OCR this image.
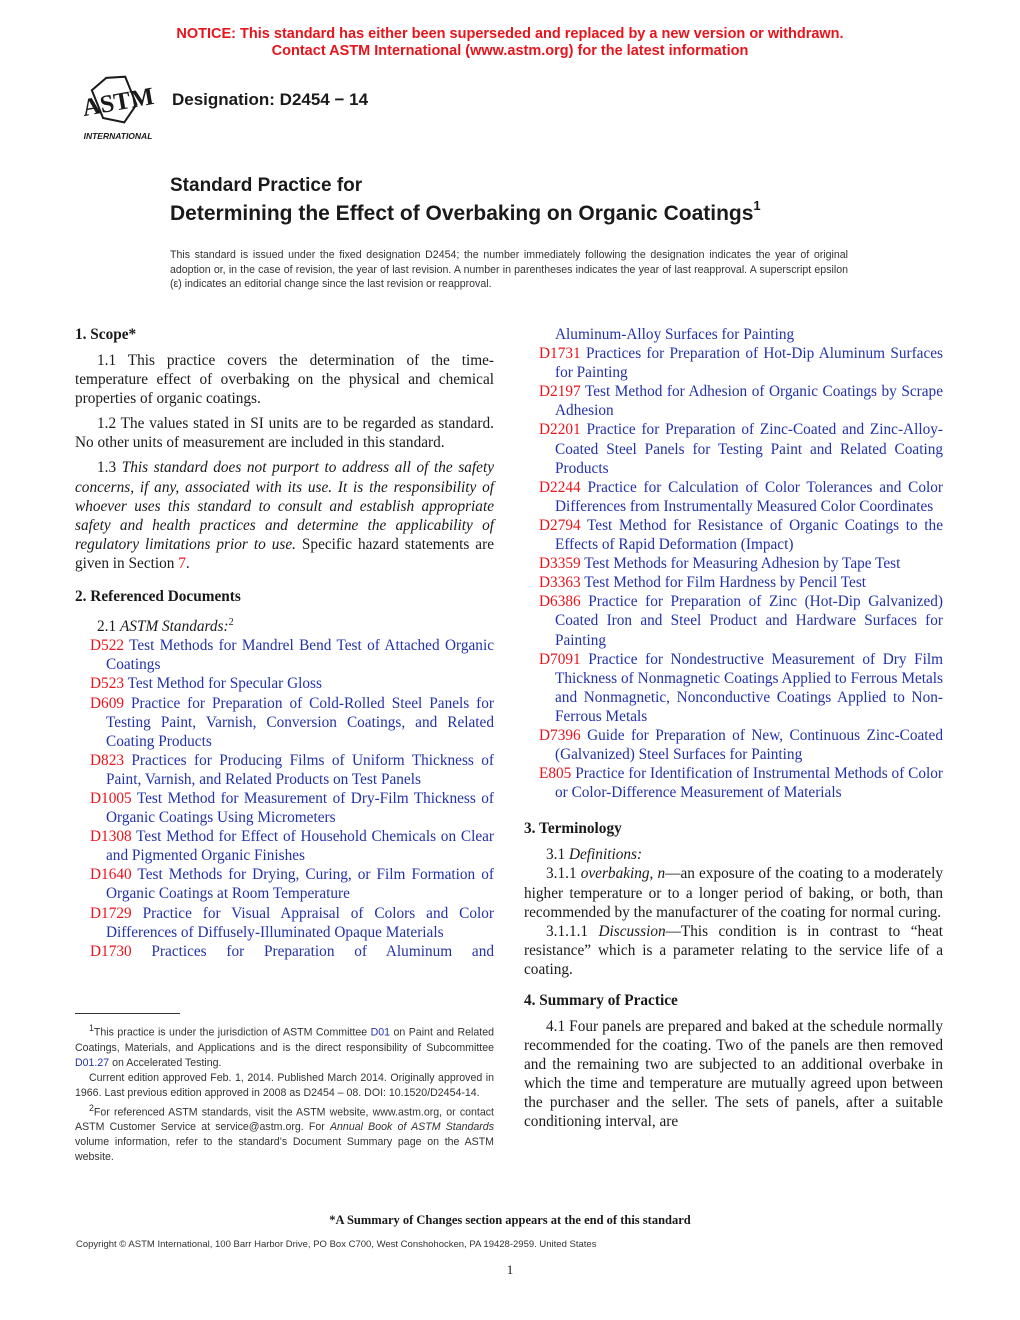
NOTICE: This standard has either been superseded and replaced by a new version or withdrawn.
Contact ASTM International (www.astm.org) for the latest information
ASTM
INTERNATIONAL
Designation: D2454 − 14
Standard Practice for
Determining the Effect of Overbaking on Organic Coatings$^1$
This standard is issued under the fixed designation D2454; the number immediately following the designation indicates the year of original adoption or, in the case of revision, the year of last revision. A number in parentheses indicates the year of last reapproval. A superscript epsilon (ε) indicates an editorial change since the last revision or reapproval.
1. Scope*

1.1 This practice covers the determination of the time-temperature effect of overbaking on the physical and chemical properties of organic coatings.

1.2 The values stated in SI units are to be regarded as standard. No other units of measurement are included in this standard.

1.3 This standard does not purport to address all of the safety concerns, if any, associated with its use. It is the responsibility of whoever uses this standard to consult and establish appropriate safety and health practices and determine the applicability of regulatory limitations prior to use. Specific hazard statements are given in Section 7.

2. Referenced Documents

2.1 ASTM Standards:$^2$

D522 Test Methods for Mandrel Bend Test of Attached Organic Coatings
D523 Test Method for Specular Gloss
D609 Practice for Preparation of Cold-Rolled Steel Panels for Testing Paint, Varnish, Conversion Coatings, and Related Coating Products
D823 Practices for Producing Films of Uniform Thickness of Paint, Varnish, and Related Products on Test Panels
D1005 Test Method for Measurement of Dry-Film Thickness of Organic Coatings Using Micrometers
D1308 Test Method for Effect of Household Chemicals on Clear and Pigmented Organic Finishes
D1640 Test Methods for Drying, Curing, or Film Formation of Organic Coatings at Room Temperature
D1729 Practice for Visual Appraisal of Colors and Color Differences of Diffusely-Illuminated Opaque Materials
D1730 Practices for Preparation of Aluminum and
Aluminum-Alloy Surfaces for Painting
D1731 Practices for Preparation of Hot-Dip Aluminum Surfaces for Painting
D2197 Test Method for Adhesion of Organic Coatings by Scrape Adhesion
D2201 Practice for Preparation of Zinc-Coated and Zinc-Alloy-Coated Steel Panels for Testing Paint and Related Coating Products
D2244 Practice for Calculation of Color Tolerances and Color Differences from Instrumentally Measured Color Coordinates
D2794 Test Method for Resistance of Organic Coatings to the Effects of Rapid Deformation (Impact)
D3359 Test Methods for Measuring Adhesion by Tape Test
D3363 Test Method for Film Hardness by Pencil Test
D6386 Practice for Preparation of Zinc (Hot-Dip Galvanized) Coated Iron and Steel Product and Hardware Surfaces for Painting
D7091 Practice for Nondestructive Measurement of Dry Film Thickness of Nonmagnetic Coatings Applied to Ferrous Metals and Nonmagnetic, Nonconductive Coatings Applied to Non-Ferrous Metals
D7396 Guide for Preparation of New, Continuous Zinc-Coated (Galvanized) Steel Surfaces for Painting
E805 Practice for Identification of Instrumental Methods of Color or Color-Difference Measurement of Materials
3. Terminology

3.1 Definitions:

3.1.1 overbaking, n—an exposure of the coating to a moderately higher temperature or to a longer period of baking, or both, than recommended by the manufacturer of the coating for normal curing.

3.1.1.1 Discussion—This condition is in contrast to “heat resistance” which is a parameter relating to the service life of a coating.

4. Summary of Practice

4.1 Four panels are prepared and baked at the schedule normally recommended for the coating. Two of the panels are then removed and the remaining two are subjected to an additional overbake in which the time and temperature are mutually agreed upon between the purchaser and the seller. The sets of panels, after a suitable conditioning interval, are

$^1$This practice is under the jurisdiction of ASTM Committee D01 on Paint and Related Coatings, Materials, and Applications and is the direct responsibility of Subcommittee D01.27 on Accelerated Testing.

Current edition approved Feb. 1, 2014. Published March 2014. Originally approved in 1966. Last previous edition approved in 2008 as D2454 – 08. DOI: 10.1520/D2454-14.

$^2$For referenced ASTM standards, visit the ASTM website, www.astm.org, or contact ASTM Customer Service at service@astm.org. For Annual Book of ASTM Standards volume information, refer to the standard’s Document Summary page on the ASTM website.

*A Summary of Changes section appears at the end of this standard
Copyright © ASTM International, 100 Barr Harbor Drive, PO Box C700, West Conshohocken, PA 19428-2959. United States
1
